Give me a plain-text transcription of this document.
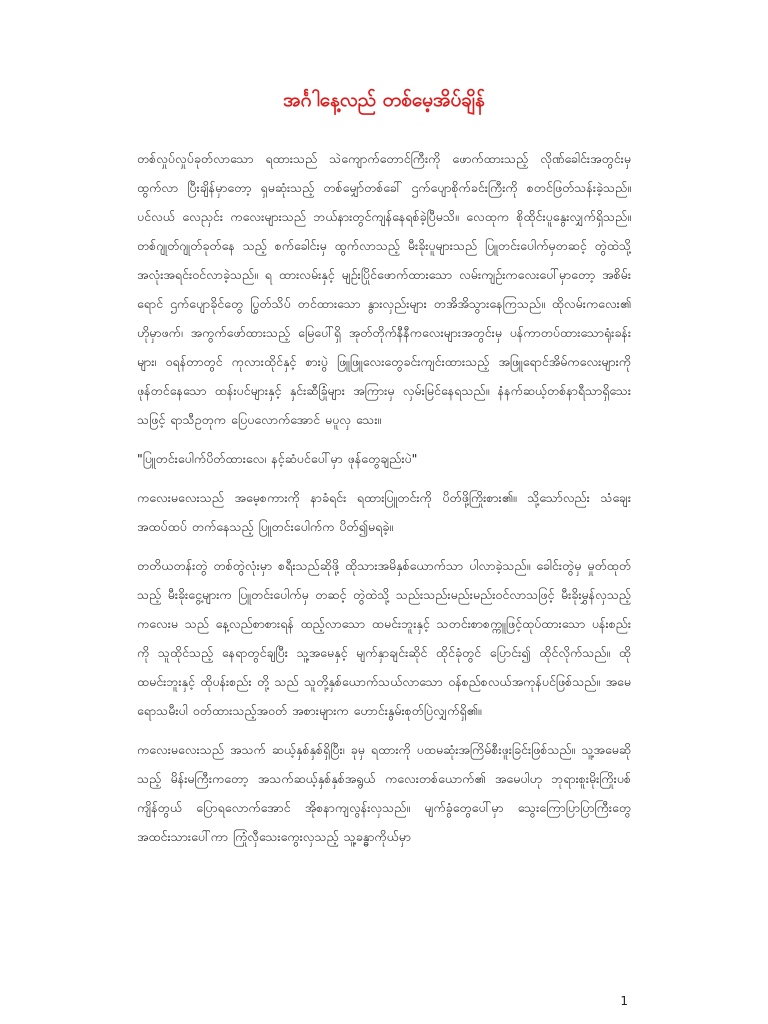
အင်္ဂါနေ့လည် တစ်မေ့အိပ်ချိန်

တစ်လှုပ်လှုပ်ခုတ်လာသော ရထားသည် သဲကျောက်တောင်ကြီးကို ဖောက်ထားသည့် လိုဏ်ခေါင်းအတွင်းမှ ထွက်လာ ပြီးချိန်မှာတော့ ရှမဆုံးသည့် တစ်မျှော်တစ်ခေါ် ဌက်ပျောစိုက်ခင်းကြီးကို စတင်ဖြတ်သန်းခဲ့သည်။ ပင်လယ် လေညှင်း ကလေးများသည် ဘယ်နားတွင်ကျန်နေရစ်ခဲ့ပြီမသိ။ လေထုက စိုထိုင်းပူနွေးလျှက်ရှိသည်။ တစ်ဂျုတ်ဂျုတ်ခုတ်နေ သည့် စက်ခေါင်းမှ ထွက်လာသည့် မီးခိုးပူများသည် ပြူတင်းပေါက်မှတဆင့် တွဲထဲသို့ အလုံးအရင်းဝင်လာခဲ့သည်။ ရ ထားလမ်းနှင့် မျဉ်းပြိုင်ဖောက်ထားသော လမ်းကျဉ်းကလေးပေါ်မှာတော့ အစိမ်းရောင် ဌက်ပျောခိုင်တွေ ပြွတ်သိပ် တင်ထားသော နွားလှည်းများ တအိအိသွားနေကြသည်။ ထိုလမ်းကလေး၏ ဟိုမှာဖက်၊ အကွက်ဖော်ထားသည့် မြေပေါ်ရှိ အုတ်တိုက်နီနီကလေးများအတွင်းမှ ပန်ကာတပ်ထားသောရုံးခန်းများ၊ ဝရန်တာတွင် ကုလားထိုင်နှင့် စားပွဲ ဖြူဖြူလေးတွေခင်းကျင်းထားသည့် အဖြူရောင်အိမ်ကလေးများကို ဖုန်တင်နေသော ထန်းပင်များနှင့် နှင်းဆီခြုံများ အကြားမှ လှမ်းမြင်နေရသည်။ နံနက်ဆယ့်တစ်နာရီသာရှိသေးသဖြင့် ရာသီဥတုက ပြေပလောက်အောင် မပူလှ သေး။

"ပြူတင်းပေါက်ပိတ်ထားလေ၊ နင့်ဆံပင်ပေါ်မှာ ဖုန်တွေချည်းပဲ"

ကလေးမလေးသည် အမေ့စကားကို နာခံရင်း ရထားပြူတင်းကို ပိတ်ဖို့ကြိုးစား၏။ သို့သော်လည်း သံချေးအထပ်ထပ် တက်နေသည့် ပြူတင်းပေါက်က ပိတ်၍မရခဲ့။

တတိယတန်းတွဲ တစ်တွဲလုံးမှာ စရီးသည်ဆိုဖို့ ထိုသားအမိနှစ်ယောက်သာ ပါလာခဲ့သည်။ ခေါင်းတွဲမှ မှုတ်ထုတ်သည့် မီးခိုးငွေ့များက ပြူတင်းပေါက်မှ တဆင့် တွဲထဲသို့ သည်းသည်းမည်းမည်းဝင်လာသဖြင့် မီးခိုးမွှန်လှသည့် ကလေးမ သည် နေ့လည်စာစားရန် ထည့်လာသော ထမင်းဘူးနှင့် သတင်းစာစက္ကူဖြင့်ထုပ်ထားသော ပန်းစည်းကို သူထိုင်သည့် နေရာတွင်ချပြီး သူ့အမေနှင့် မျက်နှာချင်းဆိုင် ထိုင်ခုံတွင် ပြောင်း၍ ထိုင်လိုက်သည်။ ထိုထမင်းဘူးနှင့် ထိုပန်းစည်း တို့ သည် သူတို့နှစ်ယောက်သယ်လာသော ဝန်စည်စလယ်အကုန်ပင်ဖြစ်သည်။ အမေရောသမီးပါ ဝတ်ထားသည့်အဝတ် အစားများက ဟောင်းနွမ်းစုတ်ပြဲလျှက်ရှိ၏။

ကလေးမလေးသည် အသက် ဆယ့်နှစ်နှစ်ရှိပြီး၊ ခုမှ ရထားကို ပထမဆုံးအကြိမ်စီးဖူးခြင်းဖြစ်သည်။ သူ့အမေဆိုသည့် မိန်းမကြီးကတော့ အသက်ဆယ့်နှစ်နှစ်အရွယ် ကလေးတစ်ယောက်၏ အမေပါဟု ဘုရားစူးမိုးကြိုးပစ် ကျိန်တွယ် ပြောရလောက်အောင် အိုစနာကျလွန်းလှသည်။ မျက်ခွံတွေပေါ်မှာ သွေးကြောပြာပြာကြီးတွေ အထင်းသားပေါ်ကာ ကြုံလှီသေးကွေးလှသည့် သူ့ခန္ဓာကိုယ်မှာ

1
